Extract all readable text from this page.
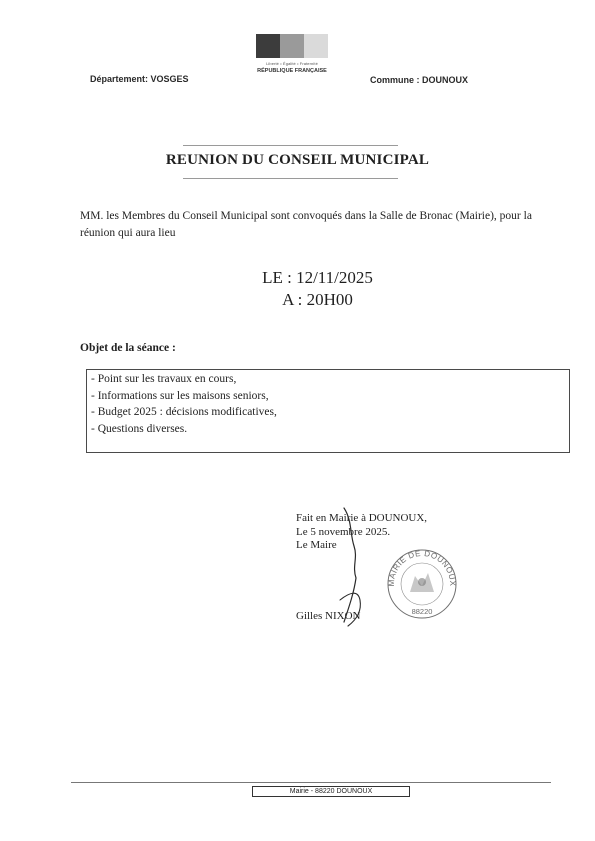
Liberté • Égalité • Fraternité
RÉPUBLIQUE FRANÇAISE
Département: VOSGES	Commune : DOUNOUX
REUNION DU CONSEIL MUNICIPAL
MM. les Membres du Conseil Municipal sont convoqués dans la Salle de Bronac (Mairie), pour la réunion qui aura lieu
LE : 12/11/2025
A : 20H00
Objet de la séance :
- Point sur les travaux en cours,
- Informations sur les maisons seniors,
- Budget 2025 : décisions modificatives,
- Questions diverses.
Fait en Mairie à DOUNOUX,
Le 5 novembre 2025.
Le Maire
Gilles NIXON
MAIRIE DE DOUNOUX
88220
Mairie - 88220 DOUNOUX
